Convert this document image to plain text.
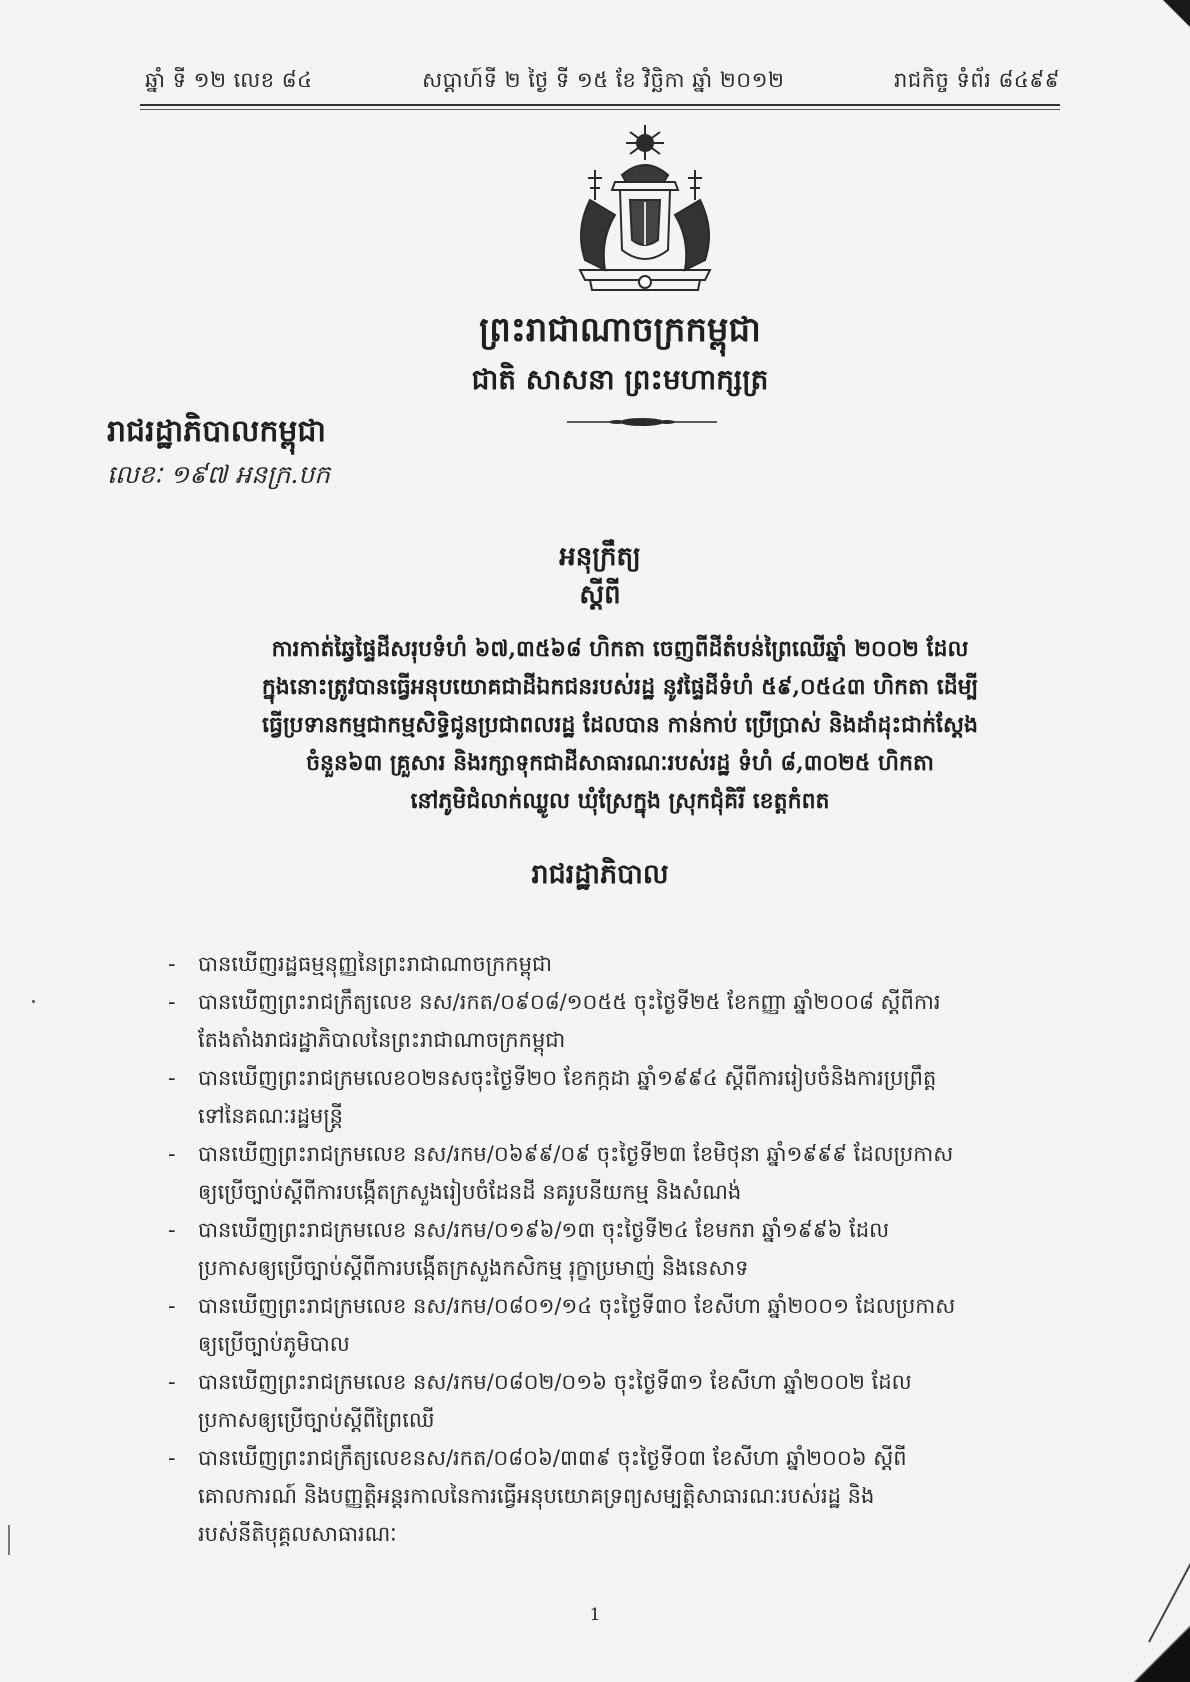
ឆ្នាំ ទី ១២ លេខ ៨៤	សប្តាហ៍ទី ២ ថ្ងៃ ទី ១៥ ខែ វិច្ឆិកា ឆ្នាំ ២០១២	រាជកិច្ច ទំព័រ ៨៤៩៩
ព្រះរាជាណាចក្រកម្ពុជា
ជាតិ សាសនា ព្រះមហាក្សត្រ
រាជរដ្ឋាភិបាលកម្ពុជា
លេខៈ ១៩៧ អនក្រ.បក
អនុក្រឹត្យ
ស្តីពី
ការកាត់ឆ្វៃផ្ទៃដីសរុបទំហំ ៦៧,៣៥៦៨ ហិកតា ចេញពីដីតំបន់ព្រៃឈើឆ្នាំ ២០០២ ដែល
ក្នុងនោះត្រូវបានធ្វើអនុបយោគជាដីឯកជនរបស់រដ្ឋ នូវផ្ទៃដីទំហំ ៥៩,០៥៤៣ ហិកតា ដើម្បី
ធ្វើប្រទានកម្មជាកម្មសិទ្ធិជូនប្រជាពលរដ្ឋ ដែលបាន កាន់កាប់ ប្រើប្រាស់ និងដាំដុះជាក់ស្តែង
ចំនួន៦៣ គ្រួសារ និងរក្សាទុកជាដីសាធារណៈរបស់រដ្ឋ ទំហំ ៨,៣០២៥ ហិកតា
នៅភូមិជំលាក់ឈ្លូល ឃុំស្រែក្នុង ស្រុកជុំគិរី ខេត្តកំពត
រាជរដ្ឋាភិបាល
-	បានឃើញរដ្ឋធម្មនុញ្ញនៃព្រះរាជាណាចក្រកម្ពុជា
-	បានឃើញព្រះរាជក្រឹត្យលេខ នស/រកត/០៩០៨/១០៥៥ ចុះថ្ងៃទី២៥ ខែកញ្ញា ឆ្នាំ២០០៨ ស្តីពីការ
តែងតាំងរាជរដ្ឋាភិបាលនៃព្រះរាជាណាចក្រកម្ពុជា
-	បានឃើញព្រះរាជក្រមលេខ០២នសចុះថ្ងៃទី២០ ខែកក្កដា ឆ្នាំ១៩៩៤ ស្តីពីការរៀបចំនិងការប្រព្រឹត្ត
ទៅនៃគណៈរដ្ឋមន្ត្រី
-	បានឃើញព្រះរាជក្រមលេខ នស/រកម/០៦៩៩/០៩ ចុះថ្ងៃទី២៣ ខែមិថុនា ឆ្នាំ១៩៩៩ ដែលប្រកាស
ឲ្យប្រើច្បាប់ស្តីពីការបង្កើតក្រសួងរៀបចំដែនដី នគរូបនីយកម្ម និងសំណង់
-	បានឃើញព្រះរាជក្រមលេខ នស/រកម/០១៩៦/១៣ ចុះថ្ងៃទី២៤ ខែមករា ឆ្នាំ១៩៩៦ ដែល
ប្រកាសឲ្យប្រើច្បាប់ស្តីពីការបង្កើតក្រសួងកសិកម្ម រុក្ខាប្រមាញ់ និងនេសាទ
-	បានឃើញព្រះរាជក្រមលេខ នស/រកម/០៨០១/១៤ ចុះថ្ងៃទី៣០ ខែសីហា ឆ្នាំ២០០១ ដែលប្រកាស
ឲ្យប្រើច្បាប់ភូមិបាល
-	បានឃើញព្រះរាជក្រមលេខ នស/រកម/០៨០២/០១៦ ចុះថ្ងៃទី៣១ ខែសីហា ឆ្នាំ២០០២ ដែល
ប្រកាសឲ្យប្រើច្បាប់ស្តីពីព្រៃឈើ
-	បានឃើញព្រះរាជក្រឹត្យលេខនស/រកត/០៨០៦/៣៣៩ ចុះថ្ងៃទី០៣ ខែសីហា ឆ្នាំ២០០៦ ស្តីពី
គោលការណ៍ និងបញ្ញត្តិអន្តរកាលនៃការធ្វើអនុបយោគទ្រព្យសម្បត្តិសាធារណៈរបស់រដ្ឋ និង
របស់នីតិបុគ្គលសាធារណៈ
1
